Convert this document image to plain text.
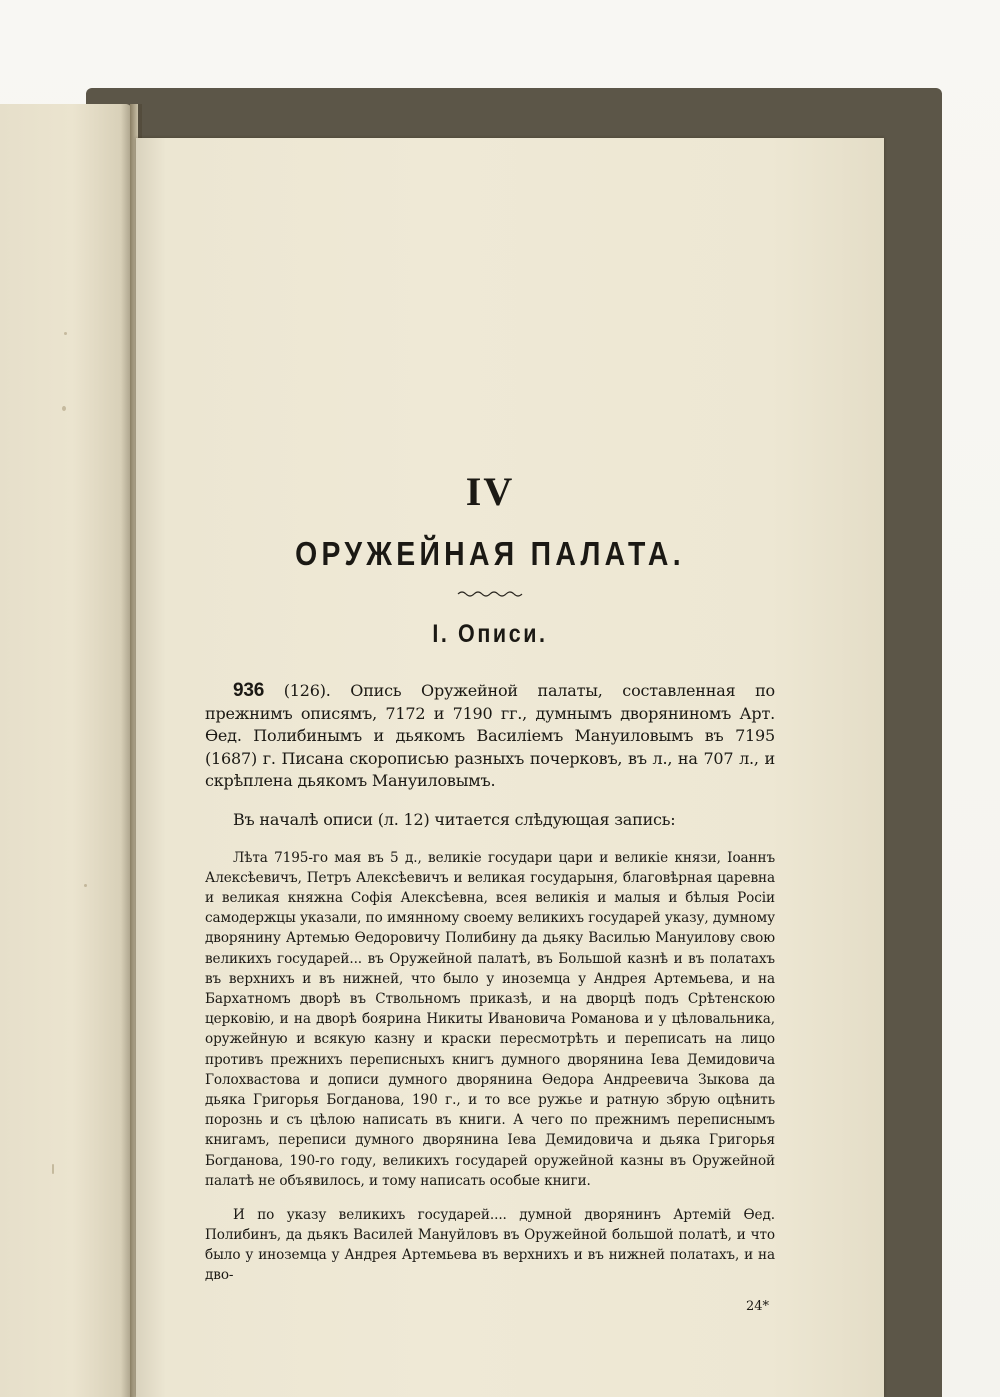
IV
ОРУЖЕЙНАЯ ПАЛАТА.
I. Описи.

936 (126). Опись Оружейной палаты, составленная по прежнимъ описямъ, 7172 и 7190 гг., думнымъ дворяниномъ Арт. Өед. Полибинымъ и дьякомъ Василiемъ Мануиловымъ въ 7195 (1687) г. Писана скорописью разныхъ почерковъ, въ л., на 707 л., и скрѣплена дьякомъ Мануиловымъ.

Въ началѣ описи (л. 12) читается слѣдующая запись:

Лѣта 7195-го мая въ 5 д., великiе государи цари и великiе князи, Iоаннъ Алексѣевичъ, Петръ Алексѣевичъ и великая государыня, благовѣрная царевна и великая княжна Софiя Алексѣевна, всея великiя и малыя и бѣлыя Росiи самодержцы указали, по имянному своему великихъ государей указу, думному дворянину Артемью Өедоровичу Полибину да дьяку Василью Мануилову свою великихъ государей... въ Оружейной палатѣ, въ Большой казнѣ и въ полатахъ въ верхнихъ и въ нижней, что было у иноземца у Андрея Артемьева, и на Бархатномъ дворѣ въ Ствольномъ приказѣ, и на дворцѣ подъ Срѣтенскою церковiю, и на дворѣ боярина Никиты Ивановича Романова и у цѣловальника, оружейную и всякую казну и краски пересмотрѣть и переписать на лицо противъ прежнихъ переписныхъ книгъ думного дворянина Iева Демидовича Голохвастова и дописи думного дворянина Өедора Андреевича Зыкова да дьяка Григорья Богданова, 190 г., и то все ружье и ратную збрую оцѣнить порознь и съ цѣлою написать въ книги. А чего по прежнимъ переписнымъ книгамъ, переписи думного дворянина Iева Демидовича и дьяка Григорья Богданова, 190-го году, великихъ государей оружейной казны въ Оружейной палатѣ не объявилось, и тому написать особые книги.

И по указу великихъ государей.... думной дворянинъ Артемiй Өед. Полибинъ, да дьякъ Василей Мануйловъ въ Оружейной большой полатѣ, и что было у иноземца у Андрея Артемьева въ верхнихъ и въ нижней полатахъ, и на дво-

24*
